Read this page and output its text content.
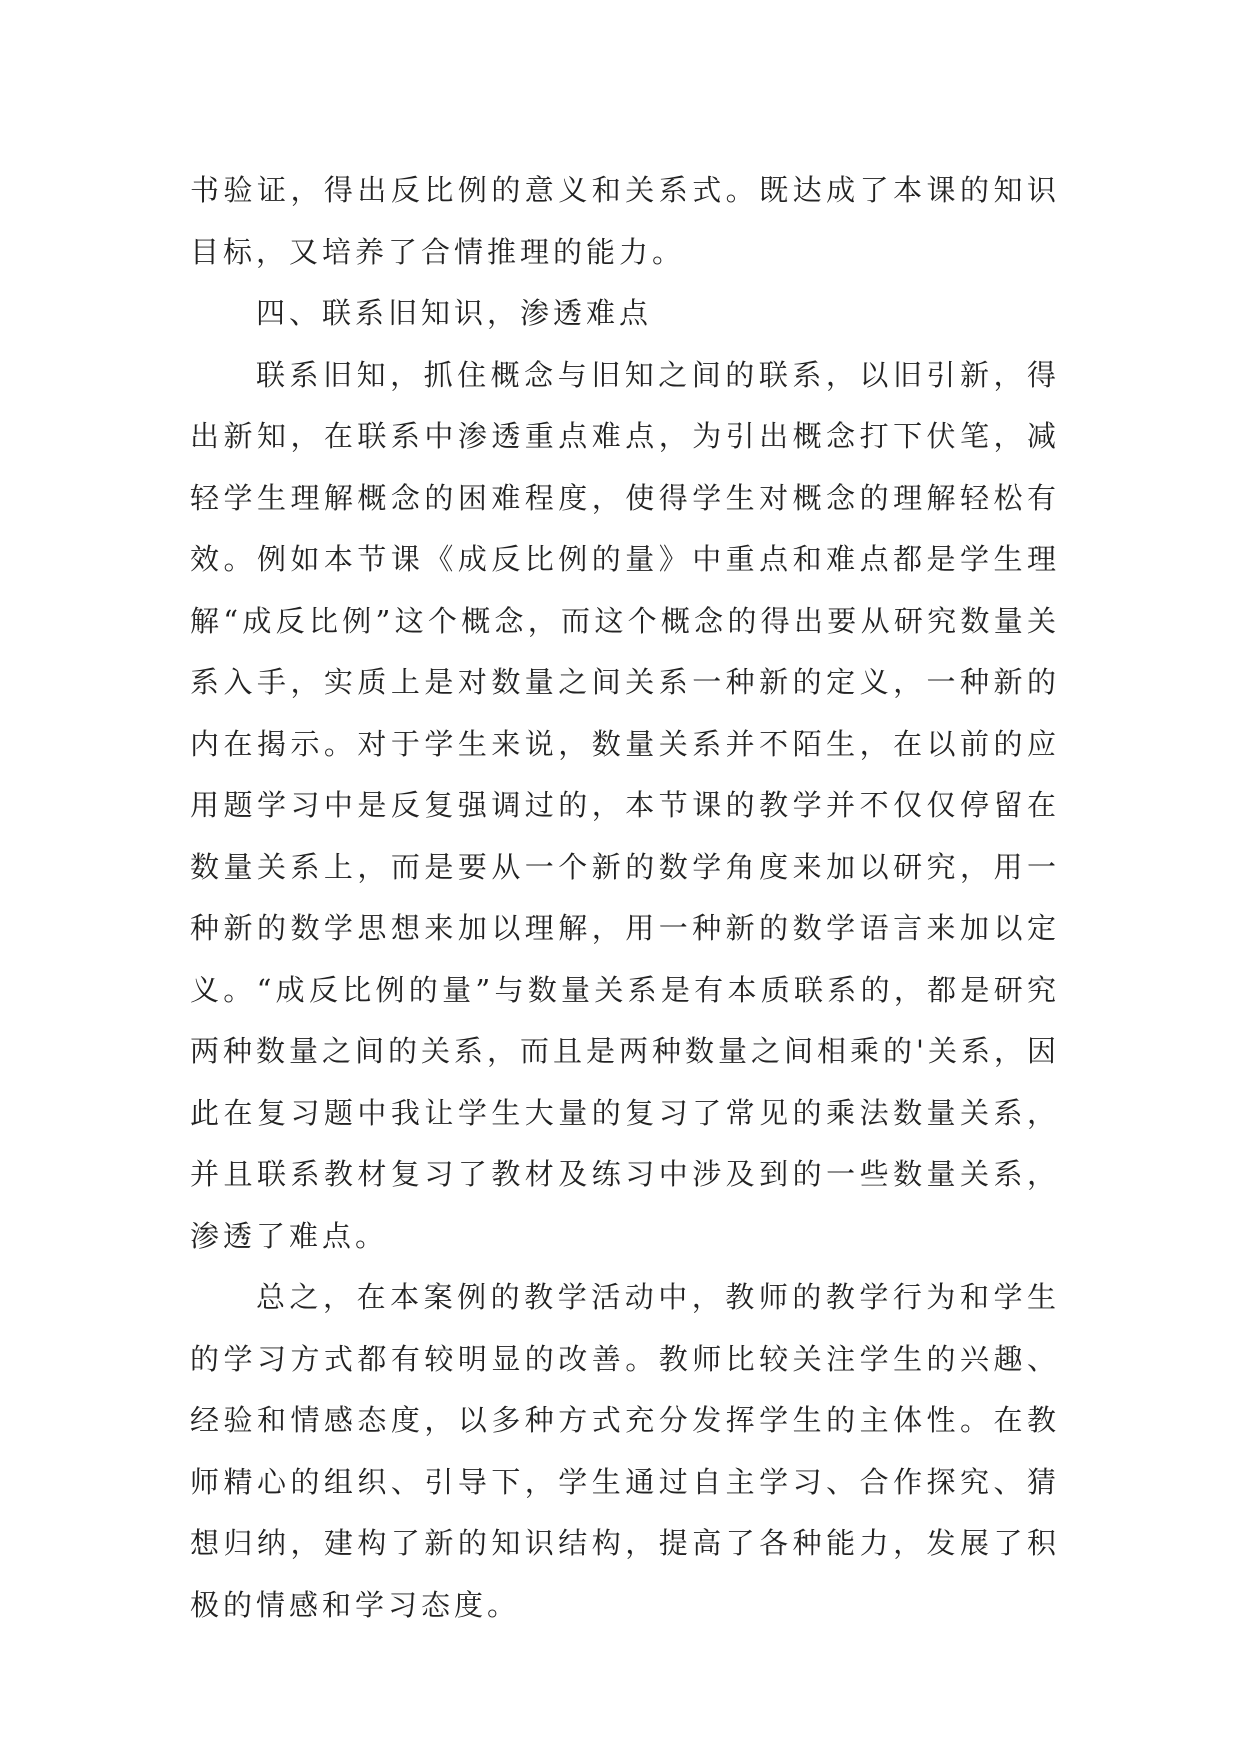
书验证，得出反比例的意义和关系式。既达成了本课的知识目标，又培养了合情推理的能力。

四、联系旧知识，渗透难点

联系旧知，抓住概念与旧知之间的联系，以旧引新，得出新知，在联系中渗透重点难点，为引出概念打下伏笔，减轻学生理解概念的困难程度，使得学生对概念的理解轻松有效。例如本节课《成反比例的量》中重点和难点都是学生理解“成反比例”这个概念，而这个概念的得出要从研究数量关系入手，实质上是对数量之间关系一种新的定义，一种新的内在揭示。对于学生来说，数量关系并不陌生，在以前的应用题学习中是反复强调过的，本节课的教学并不仅仅停留在数量关系上，而是要从一个新的数学角度来加以研究，用一种新的数学思想来加以理解，用一种新的数学语言来加以定义。“成反比例的量”与数量关系是有本质联系的，都是研究两种数量之间的关系，而且是两种数量之间相乘的'关系，因此在复习题中我让学生大量的复习了常见的乘法数量关系，并且联系教材复习了教材及练习中涉及到的一些数量关系，渗透了难点。

总之，在本案例的教学活动中，教师的教学行为和学生的学习方式都有较明显的改善。教师比较关注学生的兴趣、经验和情感态度，以多种方式充分发挥学生的主体性。在教师精心的组织、引导下，学生通过自主学习、合作探究、猜想归纳，建构了新的知识结构，提高了各种能力，发展了积极的情感和学习态度。
